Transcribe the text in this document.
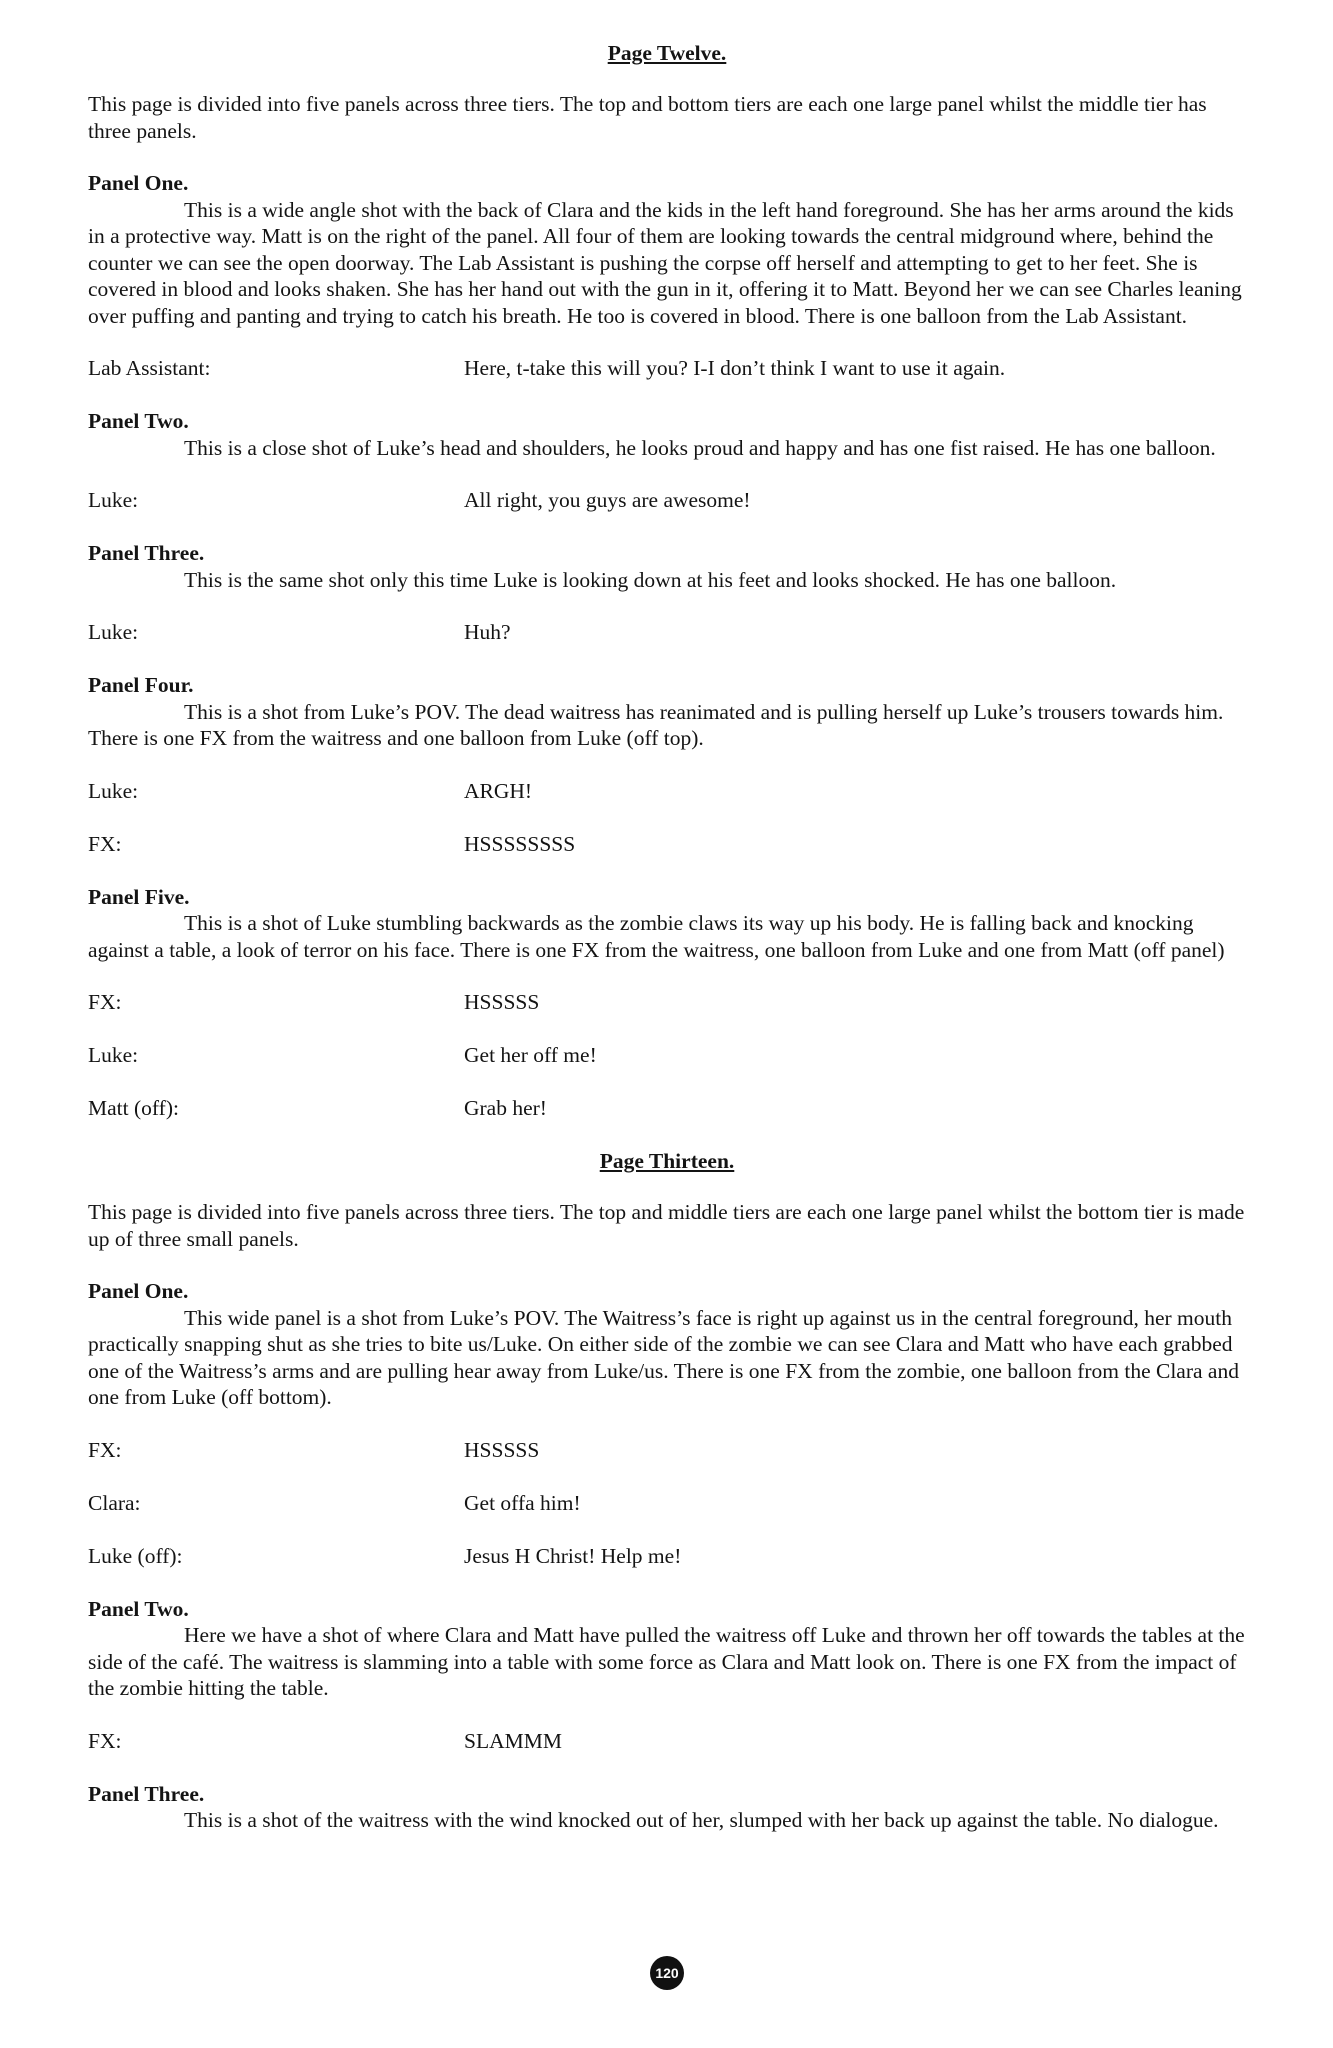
Page Twelve.

This page is divided into five panels across three tiers. The top and bottom tiers are each one large panel whilst the middle tier has three panels.

Panel One.

This is a wide angle shot with the back of Clara and the kids in the left hand foreground. She has her arms around the kids in a protective way. Matt is on the right of the panel. All four of them are looking towards the central midground where, behind the counter we can see the open doorway. The Lab Assistant is pushing the corpse off herself and attempting to get to her feet. She is covered in blood and looks shaken. She has her hand out with the gun in it, offering it to Matt. Beyond her we can see Charles leaning over puffing and panting and trying to catch his breath. He too is covered in blood. There is one balloon from the Lab Assistant.

Lab Assistant:	Here, t-take this will you? I-I don’t think I want to use it again.
Panel Two.

This is a close shot of Luke’s head and shoulders, he looks proud and happy and has one fist raised. He has one balloon.

Luke:	All right, you guys are awesome!
Panel Three.

This is the same shot only this time Luke is looking down at his feet and looks shocked. He has one balloon.

Luke:	Huh?
Panel Four.

This is a shot from Luke’s POV. The dead waitress has reanimated and is pulling herself up Luke’s trousers towards him. There is one FX from the waitress and one balloon from Luke (off top).

Luke:	ARGH!
FX:	HSSSSSSSS
Panel Five.

This is a shot of Luke stumbling backwards as the zombie claws its way up his body. He is falling back and knocking against a table, a look of terror on his face. There is one FX from the waitress, one balloon from Luke and one from Matt (off panel)

FX:	HSSSSS
Luke:	Get her off me!
Matt (off):	Grab her!
Page Thirteen.

This page is divided into five panels across three tiers. The top and middle tiers are each one large panel whilst the bottom tier is made up of three small panels.

Panel One.

This wide panel is a shot from Luke’s POV. The Waitress’s face is right up against us in the central foreground, her mouth practically snapping shut as she tries to bite us/Luke. On either side of the zombie we can see Clara and Matt who have each grabbed one of the Waitress’s arms and are pulling hear away from Luke/us. There is one FX from the zombie, one balloon from the Clara and one from Luke (off bottom).

FX:	HSSSSS
Clara:	Get offa him!
Luke (off):	Jesus H Christ! Help me!
Panel Two.

Here we have a shot of where Clara and Matt have pulled the waitress off Luke and thrown her off towards the tables at the side of the café. The waitress is slamming into a table with some force as Clara and Matt look on. There is one FX from the impact of the zombie hitting the table.

FX:	SLAMMM
Panel Three.

This is a shot of the waitress with the wind knocked out of her, slumped with her back up against the table. No dialogue.

120
